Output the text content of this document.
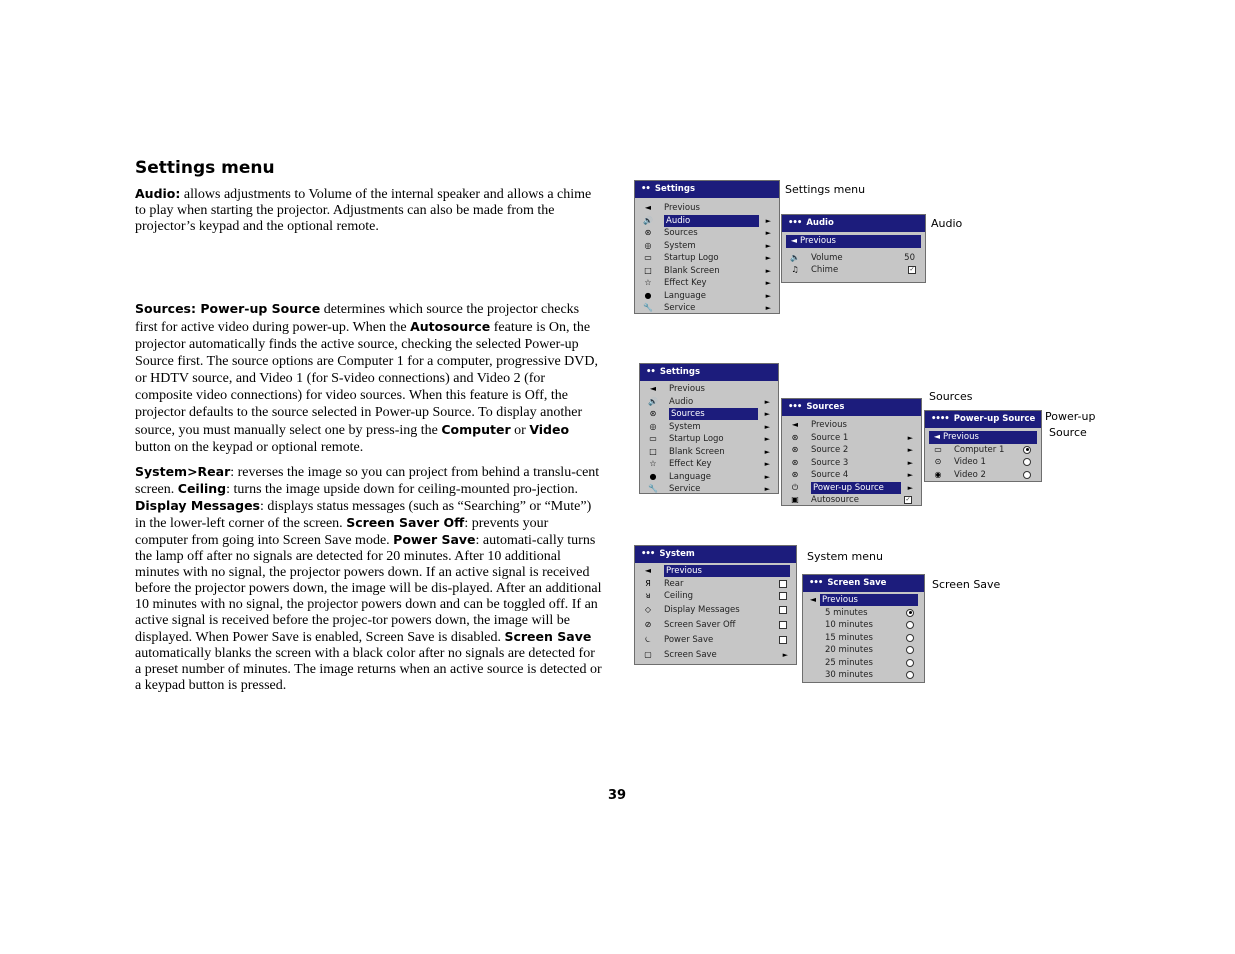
Settings menu
Audio: allows adjustments to Volume of the internal speaker and allows a chime to play when starting the projector. Adjustments can also be made from the projector’s keypad and the optional remote.
Sources: Power-up Source determines which source the projector checks first for active video during power-up. When the Autosource feature is On, the projector automatically finds the active source, checking the selected Power-up Source first. The source options are Computer 1 for a computer, progressive DVD, or HDTV source, and Video 1 (for S-video connections) and Video 2 (for composite video connections) for video sources. When this feature is Off, the projector defaults to the source selected in Power-up Source. To display another source, you must manually select one by press-ing the Computer or Video button on the keypad or optional remote.
System>Rear: reverses the image so you can project from behind a translu-cent screen. Ceiling: turns the image upside down for ceiling-mounted pro-jection. Display Messages: displays status messages (such as “Searching” or “Mute”) in the lower-left corner of the screen. Screen Saver Off: prevents your computer from going into Screen Save mode. Power Save: automati-cally turns the lamp off after no signals are detected for 20 minutes. After 10 additional minutes with no signal, the projector powers down. If an active signal is received before the projector powers down, the image will be dis-played. After an additional 10 minutes with no signal, the projector powers down and can be toggled off. If an active signal is received before the projec-tor powers down, the image will be displayed. When Power Save is enabled, Screen Save is disabled. Screen Save automatically blanks the screen with a black color after no signals are detected for a preset number of minutes. The image returns when an active source is detected or a keypad button is pressed.
39
•• Settings
◄	Previous
🔊 Audio	►
⊛	Sources	►
◎	System	►
▭	Startup Logo	►
□	Blank Screen	►
☆	Effect Key	►
●	Language	►
🔧 Service	►
Settings menu
••• Audio
◄ Previous
🔈 Volume	50
♫	Chime	✓
Audio
•• Settings
◄	Previous
🔊 Audio	►
⊛	Sources	►
◎	System	►
▭	Startup Logo	►
□	Blank Screen	►
☆	Effect Key	►
●	Language	►
🔧 Service	►
••• Sources
◄	Previous
⊛	Source 1	►
⊛	Source 2	►
⊛	Source 3	►
⊛	Source 4	►
⏻	Power-up Source	►
▣	Autosource	✓
Sources
•••• Power-up Source
◄ Previous
▭	Computer 1
⊙	Video 1
◉	Video 2
Power-up
Source
••• System
◄	Previous
Я	Rear
ᴚ	Ceiling
◇	Display Messages
⊘	Screen Saver Off
⏾	Power Save
▢	Screen Save	►
System menu
••• Screen Save
◄ Previous
5 minutes
10 minutes
15 minutes
20 minutes
25 minutes
30 minutes
Screen Save
